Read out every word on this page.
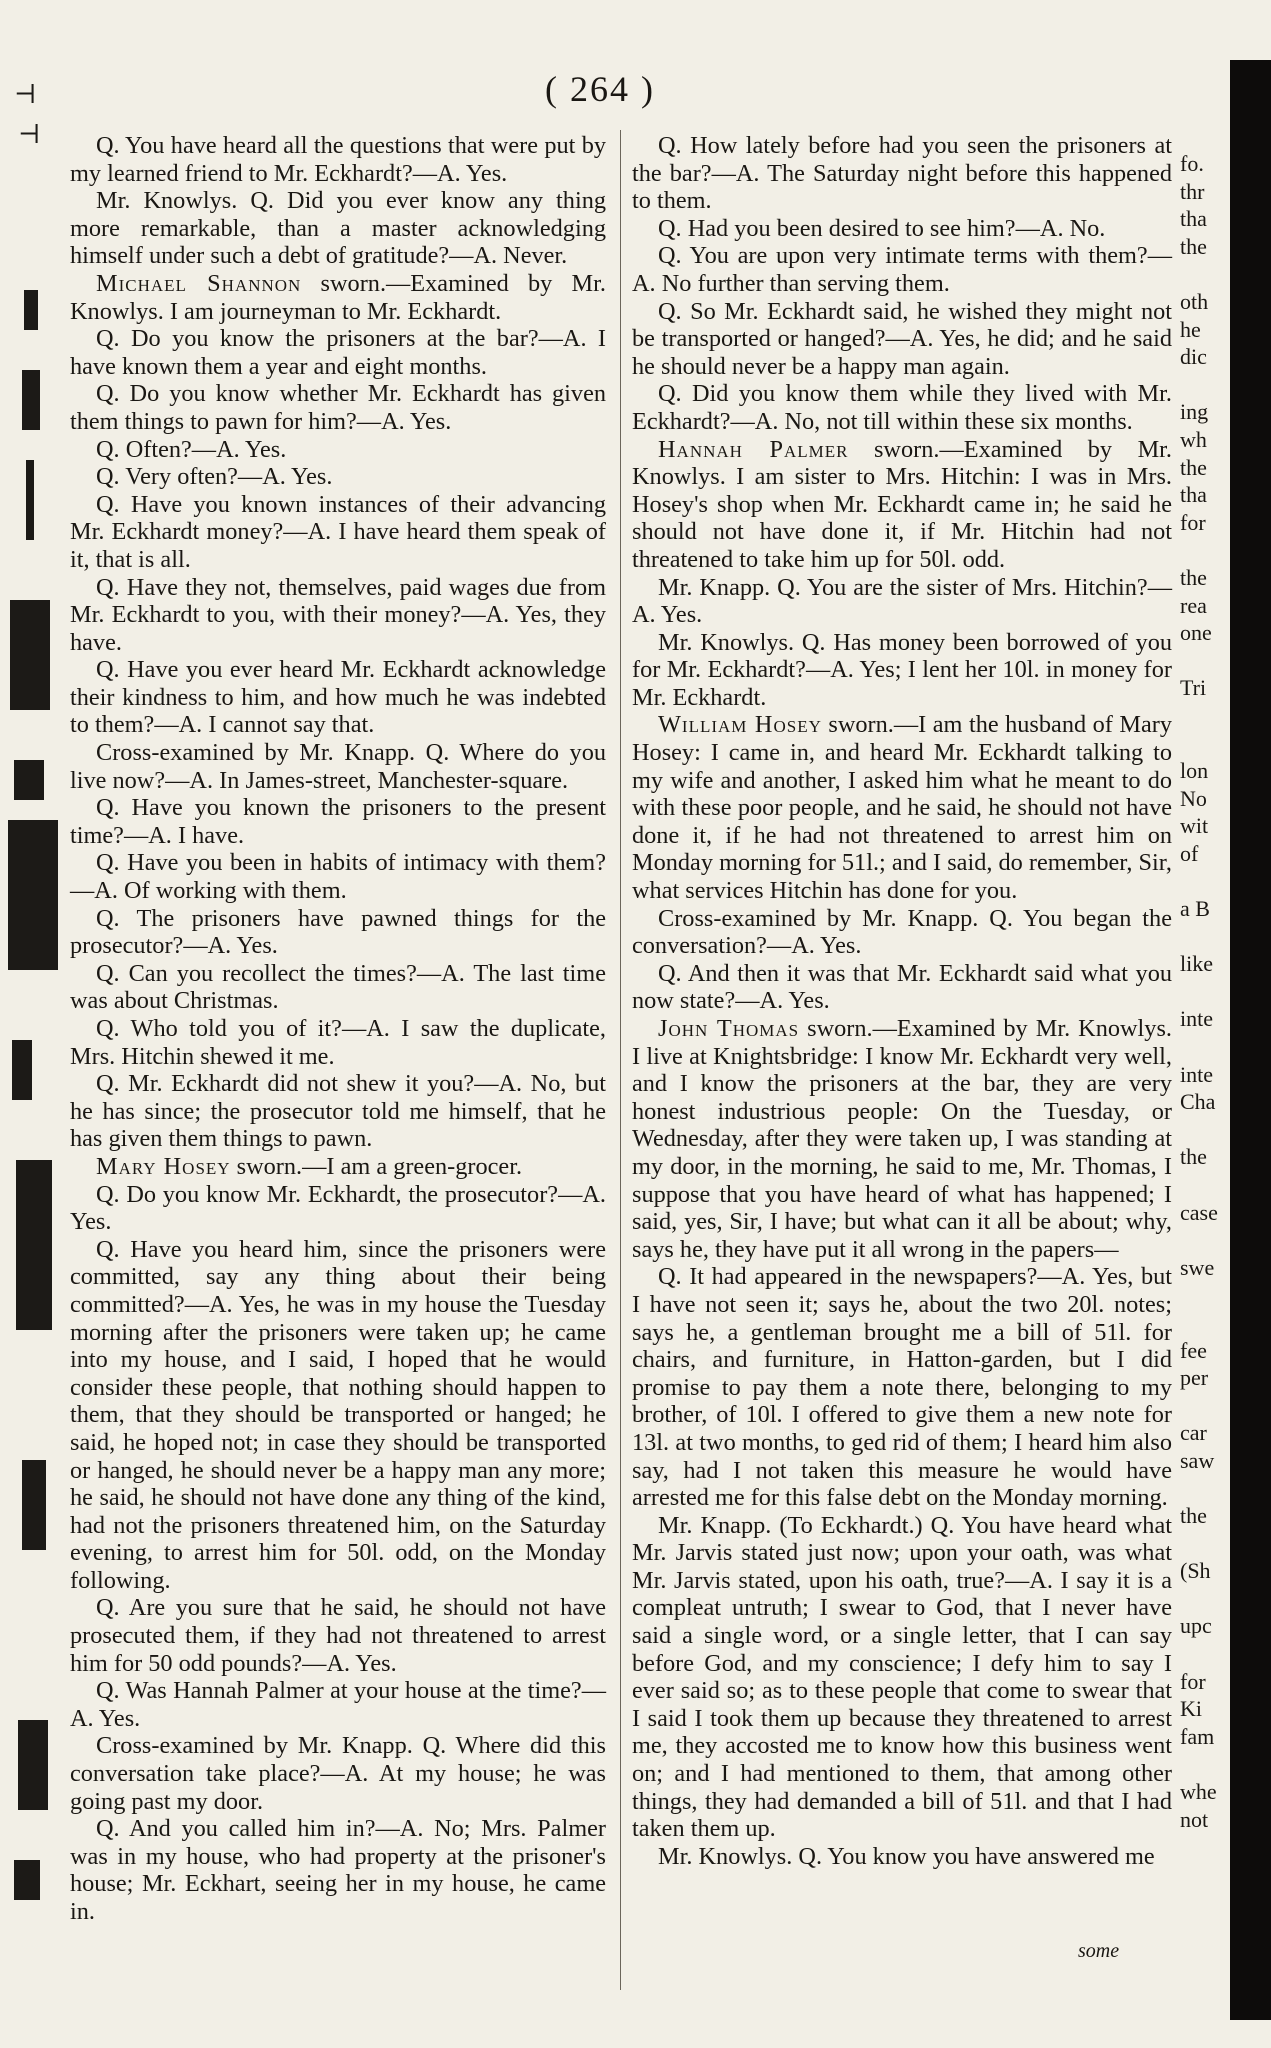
⊣
⊣
( 264 )

Q. You have heard all the questions that were put by my learned friend to Mr. Eckhardt?—A. Yes.

Mr. Knowlys. Q. Did you ever know any thing more remarkable, than a master acknowledging himself under such a debt of gratitude?—A. Never.

Michael Shannon sworn.—Examined by Mr. Knowlys. I am journeyman to Mr. Eckhardt.

Q. Do you know the prisoners at the bar?—A. I have known them a year and eight months.

Q. Do you know whether Mr. Eckhardt has given them things to pawn for him?—A. Yes.

Q. Often?—A. Yes.

Q. Very often?—A. Yes.

Q. Have you known instances of their advancing Mr. Eckhardt money?—A. I have heard them speak of it, that is all.

Q. Have they not, themselves, paid wages due from Mr. Eckhardt to you, with their money?—A. Yes, they have.

Q. Have you ever heard Mr. Eckhardt acknowledge their kindness to him, and how much he was indebted to them?—A. I cannot say that.

Cross-examined by Mr. Knapp. Q. Where do you live now?—A. In James-street, Manchester-square.

Q. Have you known the prisoners to the present time?—A. I have.

Q. Have you been in habits of intimacy with them?—A. Of working with them.

Q. The prisoners have pawned things for the prosecutor?—A. Yes.

Q. Can you recollect the times?—A. The last time was about Christmas.

Q. Who told you of it?—A. I saw the duplicate, Mrs. Hitchin shewed it me.

Q. Mr. Eckhardt did not shew it you?—A. No, but he has since; the prosecutor told me himself, that he has given them things to pawn.

Mary Hosey sworn.—I am a green-grocer.

Q. Do you know Mr. Eckhardt, the prosecutor?—A. Yes.

Q. Have you heard him, since the prisoners were committed, say any thing about their being committed?—A. Yes, he was in my house the Tuesday morning after the prisoners were taken up; he came into my house, and I said, I hoped that he would consider these people, that nothing should happen to them, that they should be transported or hanged; he said, he hoped not; in case they should be transported or hanged, he should never be a happy man any more; he said, he should not have done any thing of the kind, had not the prisoners threatened him, on the Saturday evening, to arrest him for 50l. odd, on the Monday following.

Q. Are you sure that he said, he should not have prosecuted them, if they had not threatened to arrest him for 50 odd pounds?—A. Yes.

Q. Was Hannah Palmer at your house at the time?—A. Yes.

Cross-examined by Mr. Knapp. Q. Where did this conversation take place?—A. At my house; he was going past my door.

Q. And you called him in?—A. No; Mrs. Palmer was in my house, who had property at the prisoner's house; Mr. Eckhart, seeing her in my house, he came in.

Q. How lately before had you seen the prisoners at the bar?—A. The Saturday night before this happened to them.

Q. Had you been desired to see him?—A. No.

Q. You are upon very intimate terms with them?—A. No further than serving them.

Q. So Mr. Eckhardt said, he wished they might not be transported or hanged?—A. Yes, he did; and he said he should never be a happy man again.

Q. Did you know them while they lived with Mr. Eckhardt?—A. No, not till within these six months.

Hannah Palmer sworn.—Examined by Mr. Knowlys. I am sister to Mrs. Hitchin: I was in Mrs. Hosey's shop when Mr. Eckhardt came in; he said he should not have done it, if Mr. Hitchin had not threatened to take him up for 50l. odd.

Mr. Knapp. Q. You are the sister of Mrs. Hitchin?—A. Yes.

Mr. Knowlys. Q. Has money been borrowed of you for Mr. Eckhardt?—A. Yes; I lent her 10l. in money for Mr. Eckhardt.

William Hosey sworn.—I am the husband of Mary Hosey: I came in, and heard Mr. Eckhardt talking to my wife and another, I asked him what he meant to do with these poor people, and he said, he should not have done it, if he had not threatened to arrest him on Monday morning for 51l.; and I said, do remember, Sir, what services Hitchin has done for you.

Cross-examined by Mr. Knapp. Q. You began the conversation?—A. Yes.

Q. And then it was that Mr. Eckhardt said what you now state?—A. Yes.

John Thomas sworn.—Examined by Mr. Knowlys. I live at Knightsbridge: I know Mr. Eckhardt very well, and I know the prisoners at the bar, they are very honest industrious people: On the Tuesday, or Wednesday, after they were taken up, I was standing at my door, in the morning, he said to me, Mr. Thomas, I suppose that you have heard of what has happened; I said, yes, Sir, I have; but what can it all be about; why, says he, they have put it all wrong in the papers—

Q. It had appeared in the newspapers?—A. Yes, but I have not seen it; says he, about the two 20l. notes; says he, a gentleman brought me a bill of 51l. for chairs, and furniture, in Hatton-garden, but I did promise to pay them a note there, belonging to my brother, of 10l. I offered to give them a new note for 13l. at two months, to ged rid of them; I heard him also say, had I not taken this measure he would have arrested me for this false debt on the Monday morning.

Mr. Knapp. (To Eckhardt.) Q. You have heard what Mr. Jarvis stated just now; upon your oath, was what Mr. Jarvis stated, upon his oath, true?—A. I say it is a compleat untruth; I swear to God, that I never have said a single word, or a single letter, that I can say before God, and my conscience; I defy him to say I ever said so; as to these people that come to swear that I said I took them up because they threatened to arrest me, they accosted me to know how this business went on; and I had mentioned to them, that among other things, they had demanded a bill of 51l. and that I had taken them up.

Mr. Knowlys. Q. You know you have answered me

fo.
thr
tha
the

oth
he
dic

ing
wh
the
tha
for

the
rea
one

Tri

lon
No
wit
of

a B

like

inte

inte
Cha

the

case

swe

fee
per

car
saw

the

(Sh

upc

for
Ki
fam

whe
not
some
